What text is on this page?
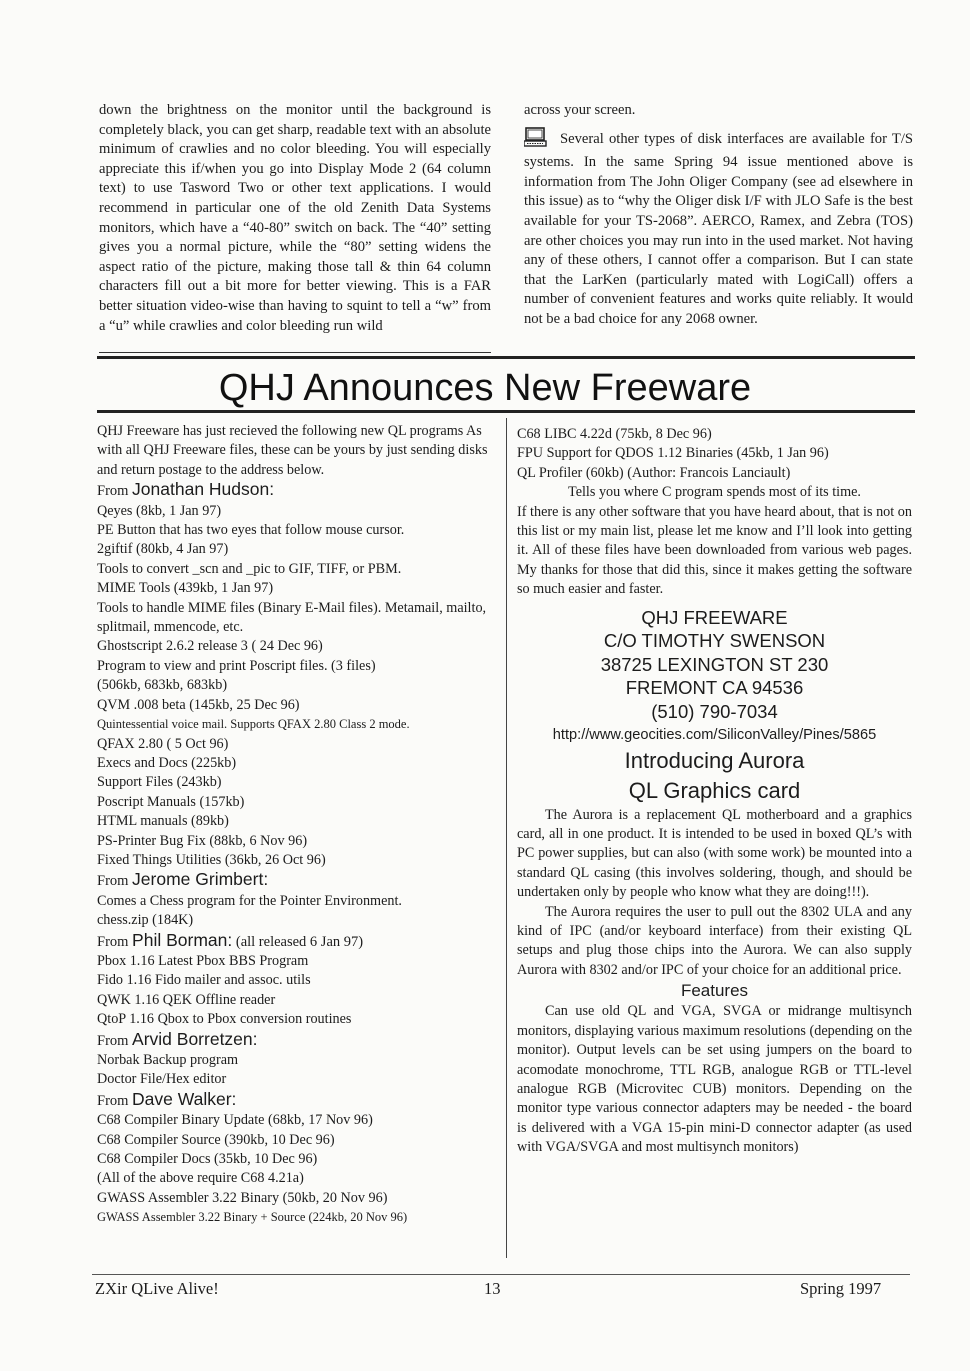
down the brightness on the monitor until the background is completely black, you can get sharp, readable text with an absolute minimum of crawlies and no color bleeding. You will especially appreciate this if/when you go into Display Mode 2 (64 column text) to use Tasword Two or other text applications. I would recommend in particular one of the old Zenith Data Systems monitors, which have a “40-80” switch on back. The “40” setting gives you a normal picture, while the “80” setting widens the aspect ratio of the picture, making those tall & thin 64 column characters fill out a bit more for better viewing. This is a FAR better situation video-wise than having to squint to tell a “w” from a “u” while crawlies and color bleeding run wild
across your screen.
Several other types of disk interfaces are available for T/S systems. In the same Spring 94 issue mentioned above is information from The John Oliger Company (see ad elsewhere in this issue) as to “why the Oliger disk I/F with JLO Safe is the best available for your TS-2068”. AERCO, Ramex, and Zebra (TOS) are other choices you may run into in the used market. Not having any of these others, I cannot offer a comparison. But I can state that the LarKen (particularly mated with LogiCall) offers a number of convenient features and works quite reliably. It would not be a bad choice for any 2068 owner.
QHJ Announces New Freeware

QHJ Freeware has just recieved the following new QL programs As with all QHJ Freeware files, these can be yours by just sending disks and return postage to the address below.

From Jonathan Hudson:

Qeyes (8kb, 1 Jan 97)

PE Button that has two eyes that follow mouse cursor.

2giftif (80kb, 4 Jan 97)

Tools to convert _scn and _pic to GIF, TIFF, or PBM.

MIME Tools (439kb, 1 Jan 97)

Tools to handle MIME files (Binary E-Mail files). Metamail, mailto, splitmail, mmencode, etc.

Ghostscript 2.6.2 release 3 ( 24 Dec 96)

Program to view and print Poscript files. (3 files)

(506kb, 683kb, 683kb)

QVM .008 beta (145kb, 25 Dec 96)

Quintessential voice mail. Supports QFAX 2.80 Class 2 mode.

QFAX 2.80 ( 5 Oct 96)

Execs and Docs (225kb)

Support Files (243kb)

Poscript Manuals (157kb)

HTML manuals (89kb)

PS-Printer Bug Fix (88kb, 6 Nov 96)

Fixed Things Utilities (36kb, 26 Oct 96)

From Jerome Grimbert:

Comes a Chess program for the Pointer Environment.

chess.zip (184K)

From Phil Borman: (all released 6 Jan 97)

Pbox 1.16 Latest Pbox BBS Program

Fido 1.16 Fido mailer and assoc. utils

QWK 1.16 QEK Offline reader

QtoP 1.16 Qbox to Pbox conversion routines

From Arvid Borretzen:

Norbak Backup program

Doctor File/Hex editor

From Dave Walker:

C68 Compiler Binary Update (68kb, 17 Nov 96)

C68 Compiler Source (390kb, 10 Dec 96)

C68 Compiler Docs (35kb, 10 Dec 96)

(All of the above require C68 4.21a)

GWASS Assembler 3.22 Binary (50kb, 20 Nov 96)

GWASS Assembler 3.22 Binary + Source (224kb, 20 Nov 96)

C68 LIBC 4.22d (75kb, 8 Dec 96)

FPU Support for QDOS 1.12 Binaries (45kb, 1 Jan 96)

QL Profiler (60kb) (Author: Francois Lanciault)

Tells you where C program spends most of its time.

If there is any other software that you have heard about, that is not on this list or my main list, please let me know and I’ll look into getting it. All of these files have been downloaded from various web pages. My thanks for those that did this, since it makes getting the software so much easier and faster.

QHJ FREEWARE
C/O TIMOTHY SWENSON
38725 LEXINGTON ST 230
FREMONT CA 94536
(510) 790-7034
http://www.geocities.com/SiliconValley/Pines/5865
Introducing Aurora
QL Graphics card

The Aurora is a replacement QL motherboard and a graphics card, all in one product. It is intended to be used in boxed QL’s with PC power supplies, but can also (with some work) be mounted into a standard QL casing (this involves soldering, though, and should be undertaken only by people who know what they are doing!!!).

The Aurora requires the user to pull out the 8302 ULA and any kind of IPC (and/or keyboard interface) from their existing QL setups and plug those chips into the Aurora. We can also supply Aurora with 8302 and/or IPC of your choice for an additional price.

Features

Can use old QL and VGA, SVGA or midrange multisynch monitors, displaying various maximum resolutions (depending on the monitor). Output levels can be set using jumpers on the board to acomodate monochrome, TTL RGB, analogue RGB or TTL-level analogue RGB (Microvitec CUB) monitors. Depending on the monitor type various connector adapters may be needed - the board is delivered with a VGA 15-pin mini-D connector adapter (as used with VGA/SVGA and most multisynch monitors)

ZXir QLive Alive!	13	Spring 1997
